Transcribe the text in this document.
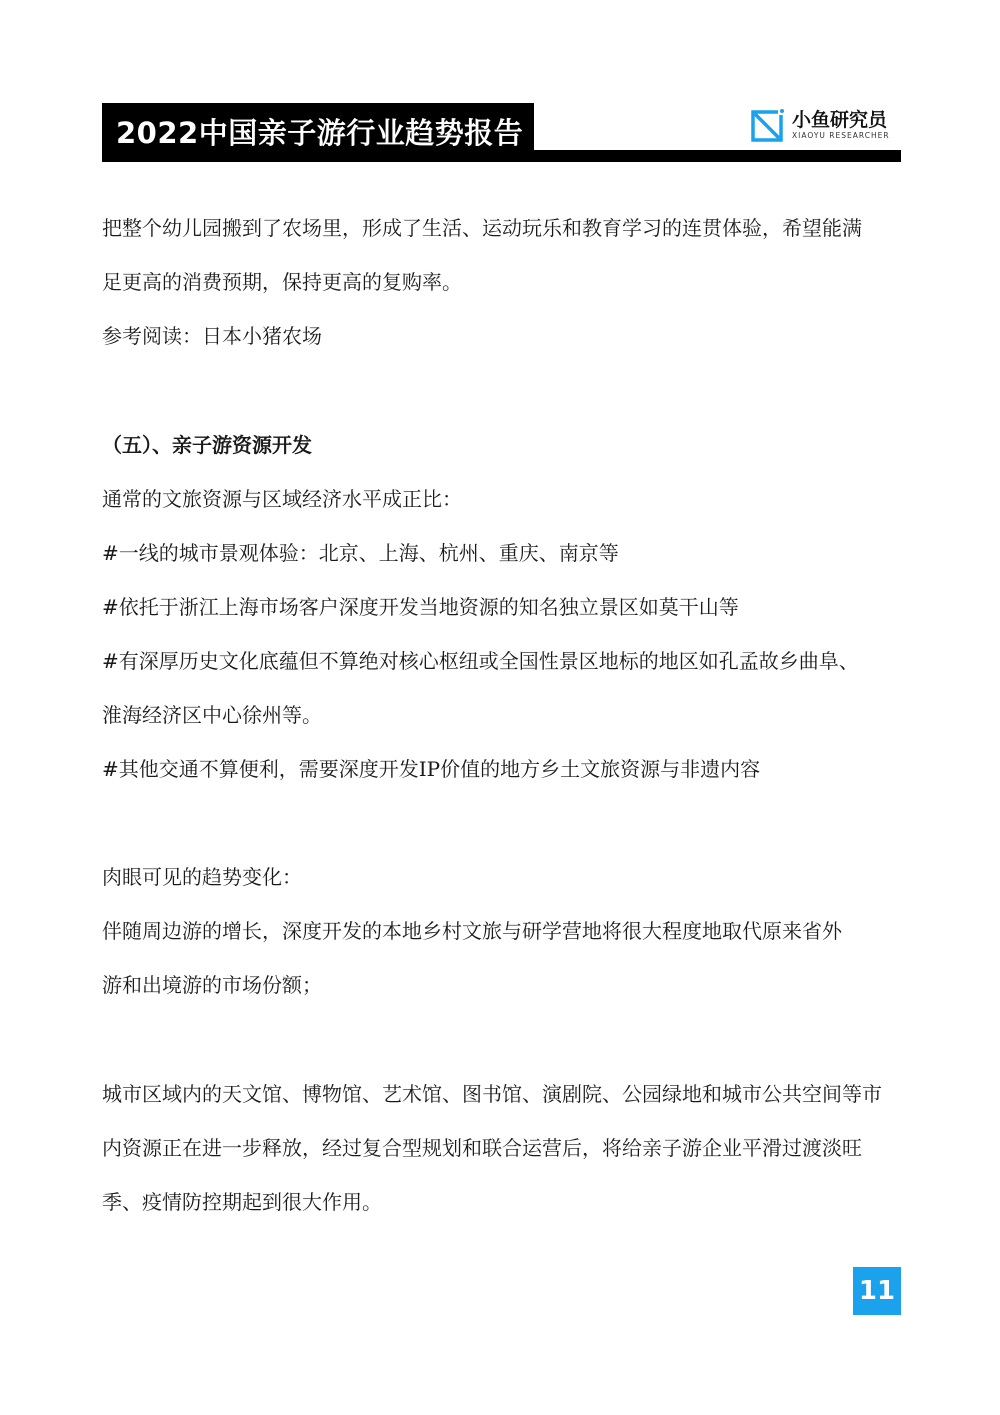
2022中国亲子游行业趋势报告	小鱼研究员
XIAOYU RESEARCHER
把整个幼儿园搬到了农场里，形成了生活、运动玩乐和教育学习的连贯体验，希望能满
足更高的消费预期，保持更高的复购率。
参考阅读：日本小猪农场
（五）、亲子游资源开发
通常的文旅资源与区域经济水平成正比：
#一线的城市景观体验：北京、上海、杭州、重庆、南京等
#依托于浙江上海市场客户深度开发当地资源的知名独立景区如莫干山等
#有深厚历史文化底蕴但不算绝对核心枢纽或全国性景区地标的地区如孔孟故乡曲阜、
淮海经济区中心徐州等。
#其他交通不算便利，需要深度开发IP价值的地方乡土文旅资源与非遗内容
肉眼可见的趋势变化：
伴随周边游的增长，深度开发的本地乡村文旅与研学营地将很大程度地取代原来省外
游和出境游的市场份额；
城市区域内的天文馆、博物馆、艺术馆、图书馆、演剧院、公园绿地和城市公共空间等市
内资源正在进一步释放，经过复合型规划和联合运营后，将给亲子游企业平滑过渡淡旺
季、疫情防控期起到很大作用。
11
